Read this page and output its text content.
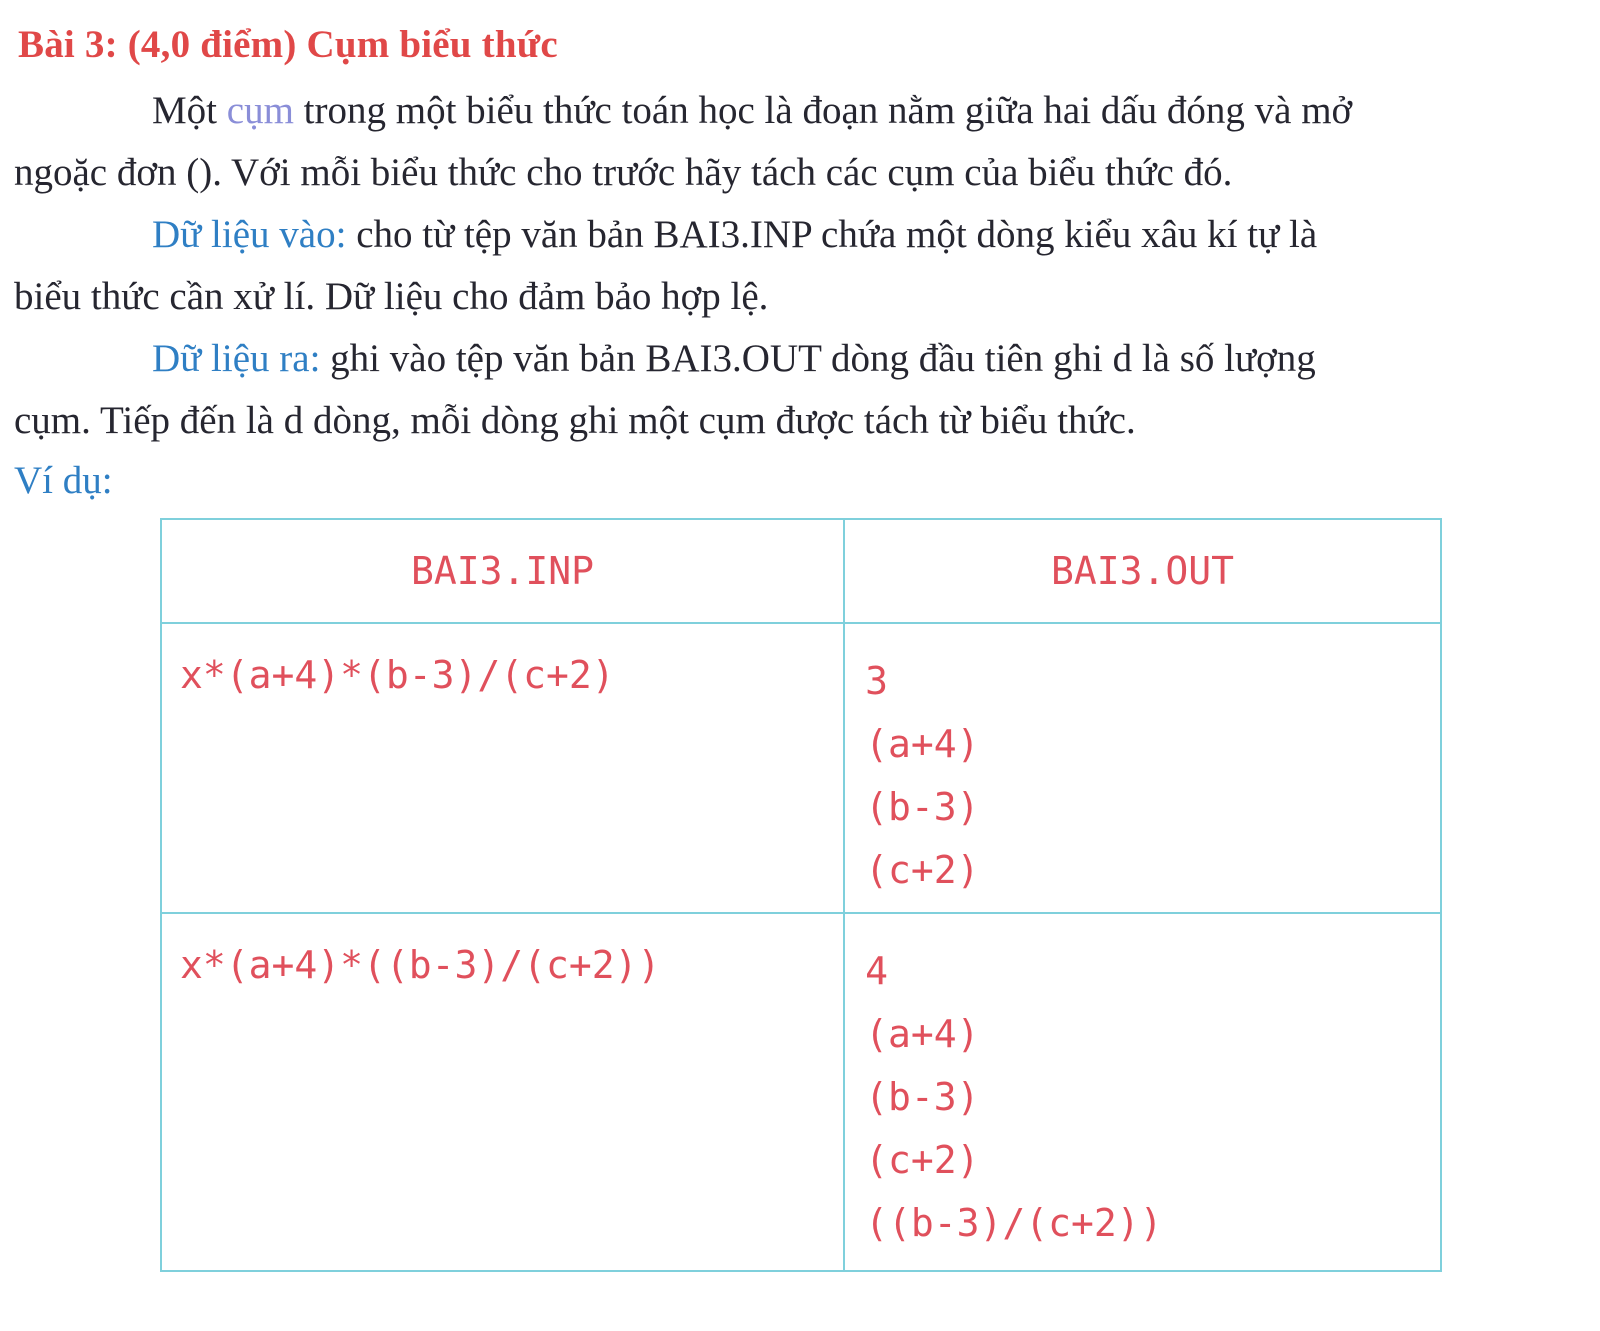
Bài 3: (4,0 điểm) Cụm biểu thức
Một cụm trong một biểu thức toán học là đoạn nằm giữa hai dấu đóng và mở
ngoặc đơn (). Với mỗi biểu thức cho trước hãy tách các cụm của biểu thức đó.
Dữ liệu vào: cho từ tệp văn bản BAI3.INP chứa một dòng kiểu xâu kí tự là
biểu thức cần xử lí. Dữ liệu cho đảm bảo hợp lệ.
Dữ liệu ra: ghi vào tệp văn bản BAI3.OUT dòng đầu tiên ghi d là số lượng
cụm. Tiếp đến là d dòng, mỗi dòng ghi một cụm được tách từ biểu thức.
Ví dụ:
BAI3.INP	BAI3.OUT

x*(a+4)*(b-3)/(c+2)	3
(a+4)
(b-3)
(c+2)

x*(a+4)*((b-3)/(c+2))	4
(a+4)
(b-3)
(c+2)
((b-3)/(c+2))
